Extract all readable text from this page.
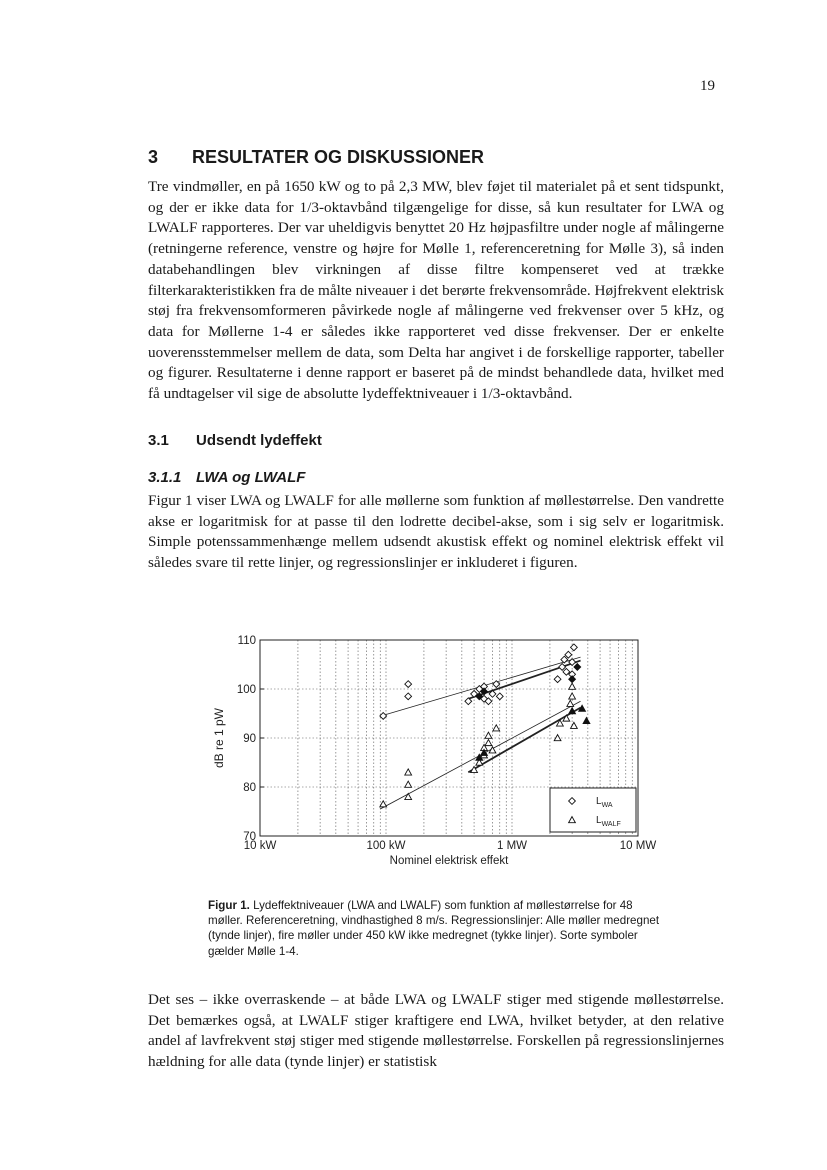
19
3 RESULTATER OG DISKUSSIONER

Tre vindmøller, en på 1650 kW og to på 2,3 MW, blev føjet til materialet på et sent tidspunkt, og der er ikke data for 1/3-oktavbånd tilgængelige for disse, så kun resultater for LWA og LWALF rapporteres. Der var uheldigvis benyttet 20 Hz højpasfiltre under nogle af målingerne (retningerne reference, venstre og højre for Mølle 1, referenceretning for Mølle 3), så inden databehandlingen blev virkningen af disse filtre kompenseret ved at trække filterkarakteristikken fra de målte niveauer i det berørte frekvensområde. Højfrekvent elektrisk støj fra frekvensomformeren påvirkede nogle af målingerne ved frekvenser over 5 kHz, og data for Møllerne 1-4 er således ikke rapporteret ved disse frekvenser. Der er enkelte uoverensstemmelser mellem de data, som Delta har angivet i de forskellige rapporter, tabeller og figurer. Resultaterne i denne rapport er baseret på de mindst behandlede data, hvilket med få undtagelser vil sige de absolutte lydeffektniveauer i 1/3-oktavbånd.

3.1 Udsendt lydeffekt
3.1.1 LWA og LWALF

Figur 1 viser LWA og LWALF for alle møllerne som funktion af møllestørrelse. Den vandrette akse er logaritmisk for at passe til den lodrette decibel-akse, som i sig selv er logaritmisk. Simple potenssammenhænge mellem udsendt akustisk effekt og nominel elektrisk effekt vil således svare til rette linjer, og regressionslinjer er inkluderet i figuren.

70
80
90
100
110
10 kW	100 kW	1 MW	10 MW
Nominel elektrisk effekt
dB re 1 pW
$L_{WA}$
$L_{WALF}$

Figur 1. Lydeffektniveauer (LWA and LWALF) som funktion af møllestørrelse for 48 møller. Referenceretning, vindhastighed 8 m/s. Regressionslinjer: Alle møller medregnet (tynde linjer), fire møller under 450 kW ikke medregnet (tykke linjer). Sorte symboler gælder Mølle 1-4.

Det ses – ikke overraskende – at både LWA og LWALF stiger med stigende møllestørrelse. Det bemærkes også, at LWALF stiger kraftigere end LWA, hvilket betyder, at den relative andel af lavfrekvent støj stiger med stigende møllestørrelse. Forskellen på regressionslinjernes hældning for alle data (tynde linjer) er statistisk
